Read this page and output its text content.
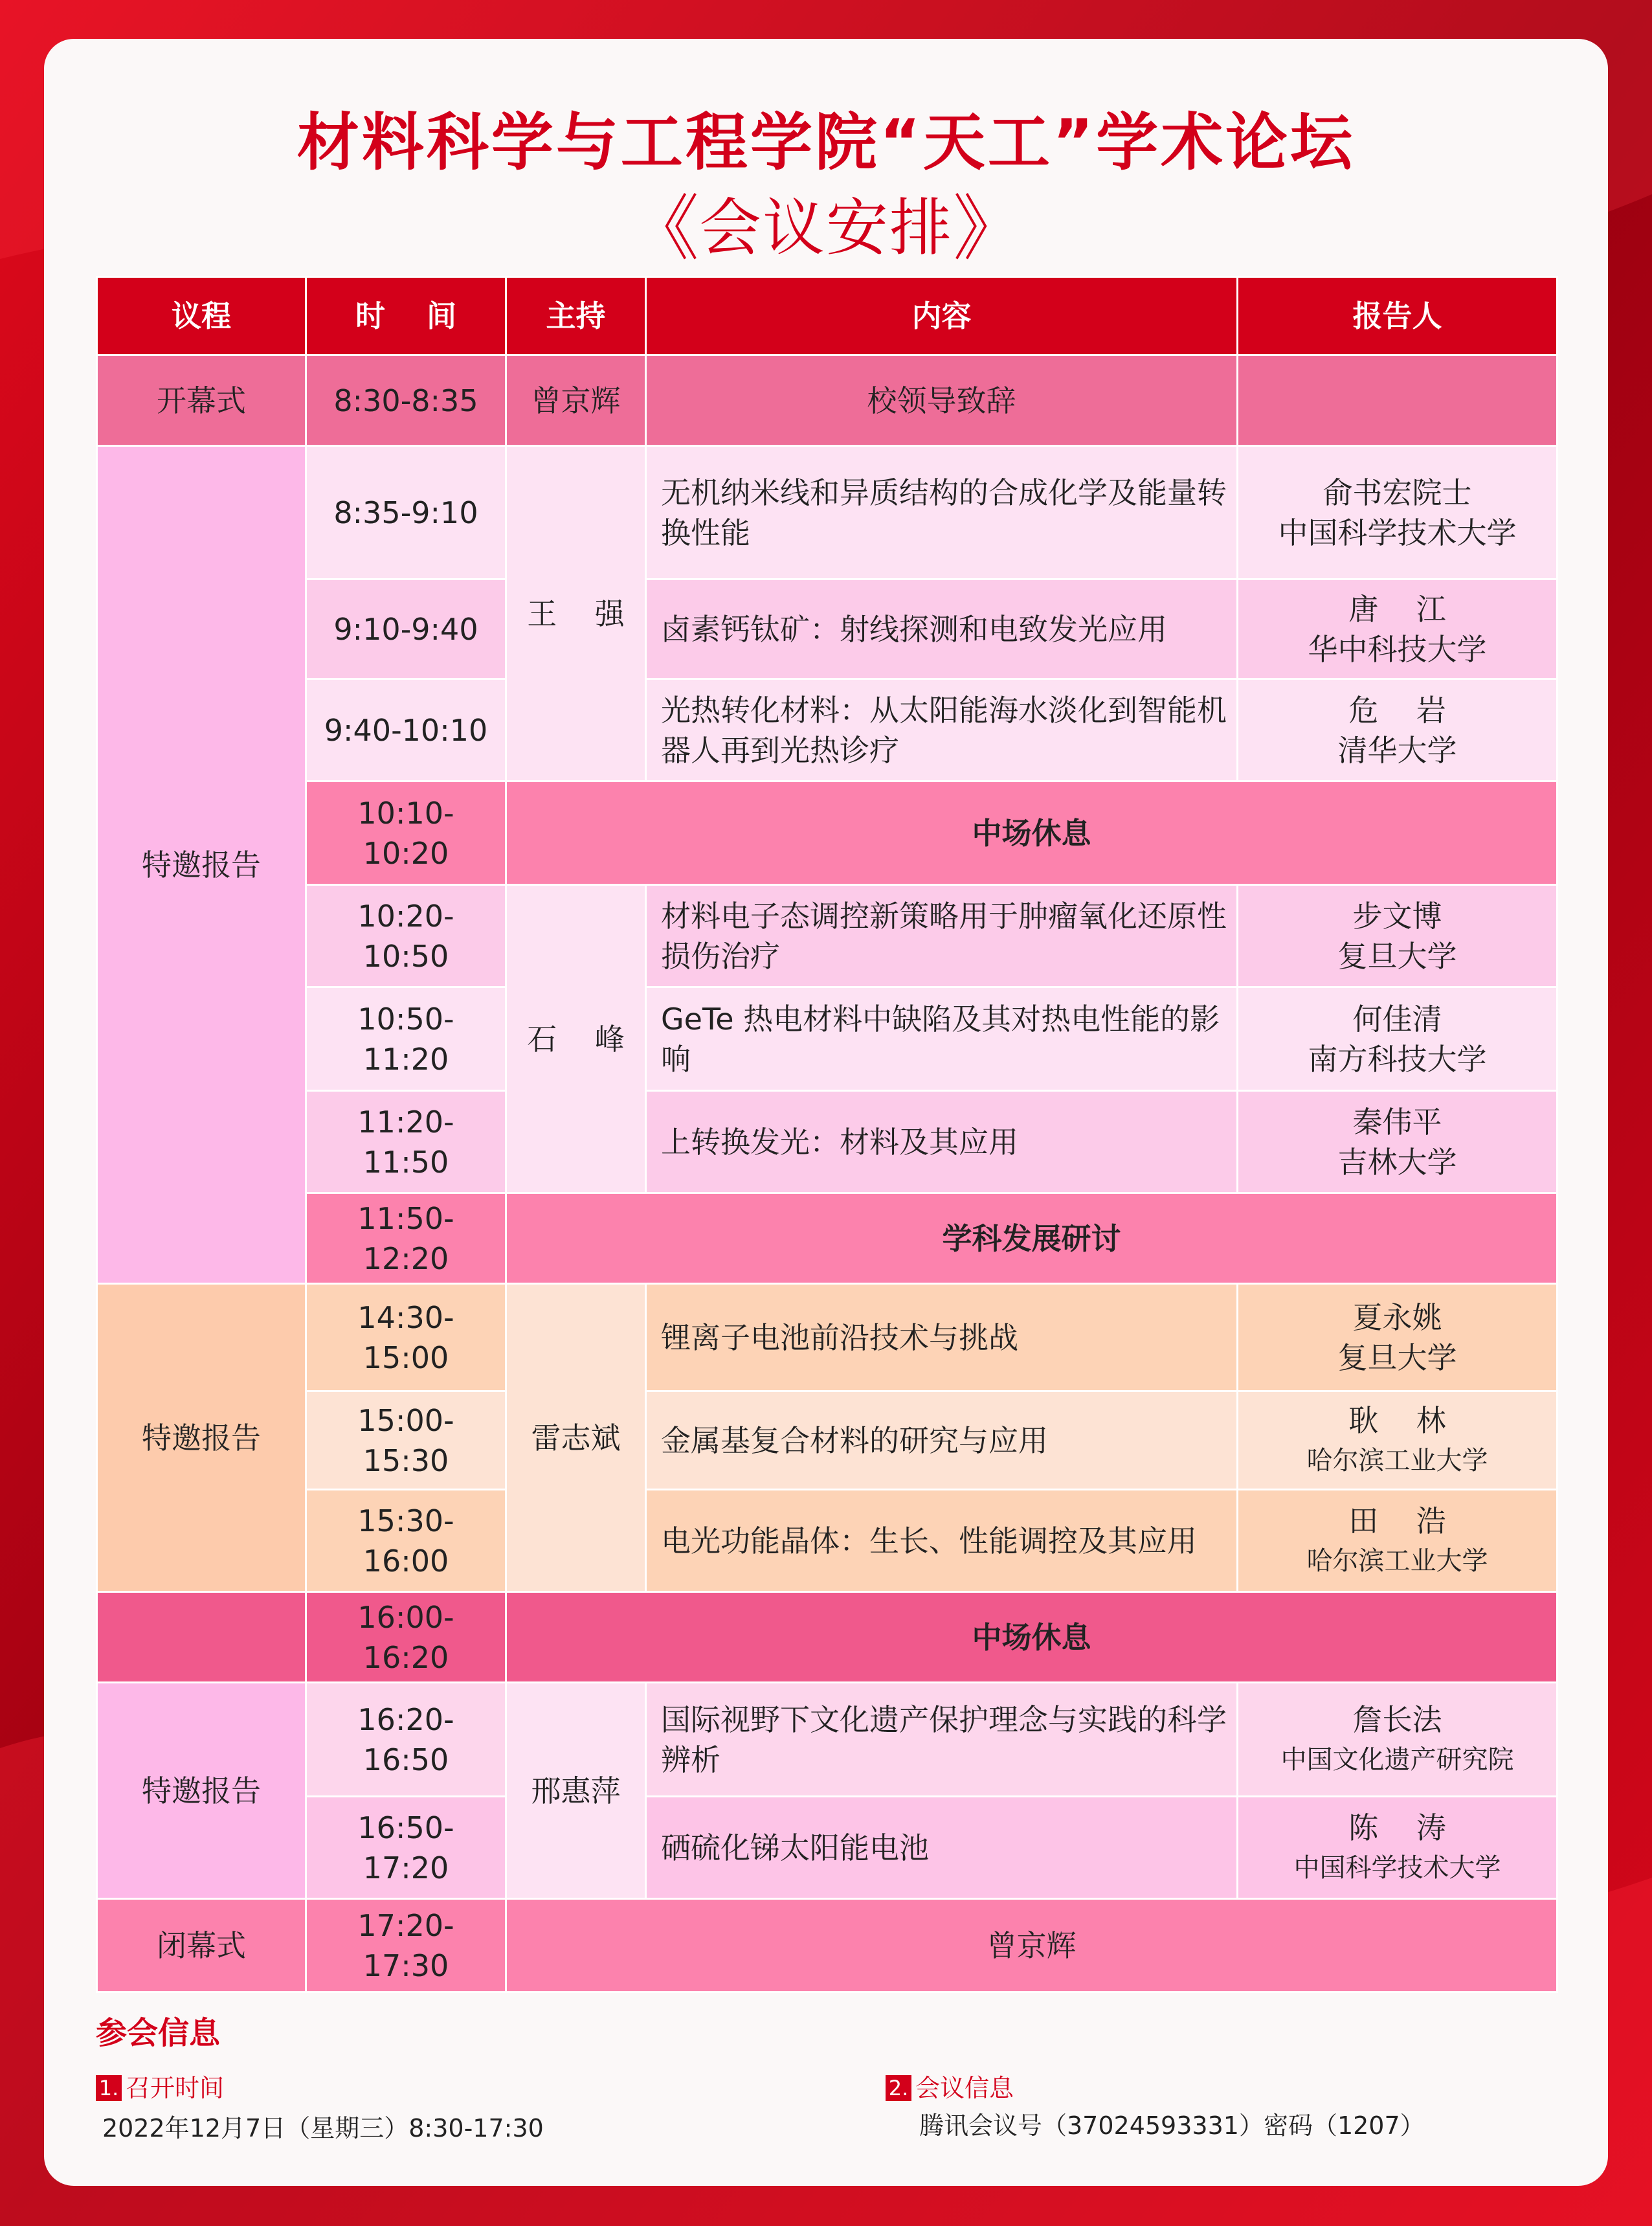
材料科学与工程学院“天工”学术论坛
《会议安排》
议程	时    间	主持	内容	报告人
开幕式	8:30-8:35	曾京辉	校领导致辞	
特邀报告	8:35-9:10	王    强	无机纳米线和异质结构的合成化学及能量转换性能	俞书宏院士
中国科学技术大学

	9:10-9:40		卤素钙钛矿：射线探测和电致发光应用	唐    江
华中科技大学

	9:40-10:10		光热转化材料：从太阳能海水淡化到智能机器人再到光热诊疗	危    岩
清华大学

	10:10-10:20	中场休息		
	10:20-10:50	石    峰	材料电子态调控新策略用于肿瘤氧化还原性损伤治疗	步文博
复旦大学

	10:50-11:20		GeTe 热电材料中缺陷及其对热电性能的影响	何佳清
南方科技大学

	11:20-11:50		上转换发光：材料及其应用	秦伟平
吉林大学

	11:50-12:20	学科发展研讨		
特邀报告	14:30-15:00	雷志斌	锂离子电池前沿技术与挑战	夏永姚
复旦大学

	15:00-15:30		金属基复合材料的研究与应用	耿    林
哈尔滨工业大学

	15:30-16:00		电光功能晶体：生长、性能调控及其应用	田    浩
哈尔滨工业大学

	16:00-16:20	中场休息		
特邀报告	16:20-16:50	邢惠萍	国际视野下文化遗产保护理念与实践的科学辨析	詹长法
中国文化遗产研究院

	16:50-17:20		硒硫化锑太阳能电池	陈    涛
中国科学技术大学

闭幕式	17:20-17:30	曾京辉		
参会信息
1. 召开时间
2022年12月7日（星期三）8:30-17:30
2. 会议信息
腾讯会议号（37024593331）密码（1207）
